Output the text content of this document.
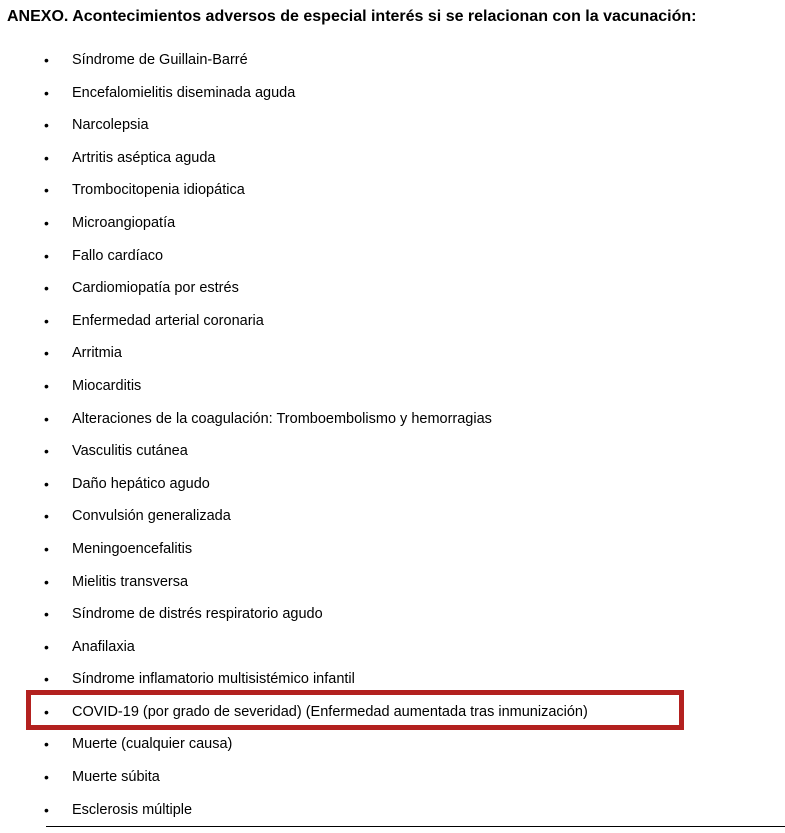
ANEXO. Acontecimientos adversos de especial interés si se relacionan con la vacunación:
• Síndrome de Guillain-Barré
• Encefalomielitis diseminada aguda
• Narcolepsia
• Artritis aséptica aguda
• Trombocitopenia idiopática
• Microangiopatía
• Fallo cardíaco
• Cardiomiopatía por estrés
• Enfermedad arterial coronaria
• Arritmia
• Miocarditis
• Alteraciones de la coagulación: Tromboembolismo y hemorragias
• Vasculitis cutánea
• Daño hepático agudo
• Convulsión generalizada
• Meningoencefalitis
• Mielitis transversa
• Síndrome de distrés respiratorio agudo
• Anafilaxia
• Síndrome inflamatorio multisistémico infantil
• COVID-19 (por grado de severidad) (Enfermedad aumentada tras inmunización)
• Muerte (cualquier causa)
• Muerte súbita
• Esclerosis múltiple
